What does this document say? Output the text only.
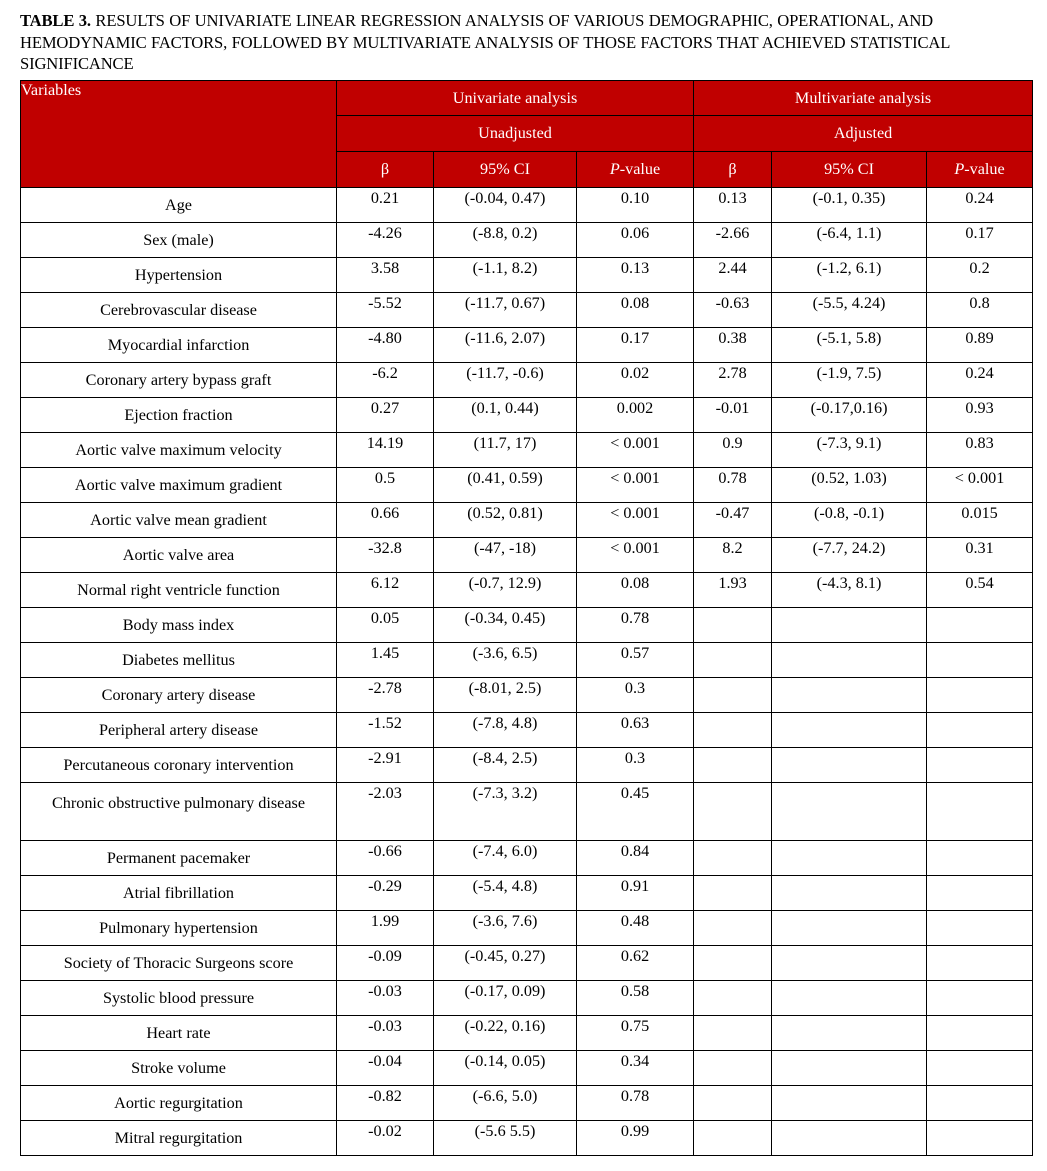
TABLE 3. RESULTS OF UNIVARIATE LINEAR REGRESSION ANALYSIS OF VARIOUS DEMOGRAPHIC, OPERATIONAL, AND HEMODYNAMIC FACTORS, FOLLOWED BY MULTIVARIATE ANALYSIS OF THOSE FACTORS THAT ACHIEVED STATISTICAL SIGNIFICANCE

Variables	Univariate analysis			Multivariate analysis		
	Unadjusted			Adjusted		
	β	95% CI	P-value	β	95% CI	P-value
Age	0.21	(-0.04, 0.47)	0.10	0.13	(-0.1, 0.35)	0.24
Sex (male)	-4.26	(-8.8, 0.2)	0.06	-2.66	(-6.4, 1.1)	0.17
Hypertension	3.58	(-1.1, 8.2)	0.13	2.44	(-1.2, 6.1)	0.2
Cerebrovascular disease	-5.52	(-11.7, 0.67)	0.08	-0.63	(-5.5, 4.24)	0.8
Myocardial infarction	-4.80	(-11.6, 2.07)	0.17	0.38	(-5.1, 5.8)	0.89
Coronary artery bypass graft	-6.2	(-11.7, -0.6)	0.02	2.78	(-1.9, 7.5)	0.24
Ejection fraction	0.27	(0.1, 0.44)	0.002	-0.01	(-0.17,0.16)	0.93
Aortic valve maximum velocity	14.19	(11.7, 17)	< 0.001	0.9	(-7.3, 9.1)	0.83
Aortic valve maximum gradient	0.5	(0.41, 0.59)	< 0.001	0.78	(0.52, 1.03)	< 0.001
Aortic valve mean gradient	0.66	(0.52, 0.81)	< 0.001	-0.47	(-0.8, -0.1)	0.015
Aortic valve area	-32.8	(-47, -18)	< 0.001	8.2	(-7.7, 24.2)	0.31
Normal right ventricle function	6.12	(-0.7, 12.9)	0.08	1.93	(-4.3, 8.1)	0.54
Body mass index	0.05	(-0.34, 0.45)	0.78			
Diabetes mellitus	1.45	(-3.6, 6.5)	0.57			
Coronary artery disease	-2.78	(-8.01, 2.5)	0.3			
Peripheral artery disease	-1.52	(-7.8, 4.8)	0.63			
Percutaneous coronary intervention	-2.91	(-8.4, 2.5)	0.3			
Chronic obstructive pulmonary disease	-2.03	(-7.3, 3.2)	0.45			
Permanent pacemaker	-0.66	(-7.4, 6.0)	0.84			
Atrial fibrillation	-0.29	(-5.4, 4.8)	0.91			
Pulmonary hypertension	1.99	(-3.6, 7.6)	0.48			
Society of Thoracic Surgeons score	-0.09	(-0.45, 0.27)	0.62			
Systolic blood pressure	-0.03	(-0.17, 0.09)	0.58			
Heart rate	-0.03	(-0.22, 0.16)	0.75			
Stroke volume	-0.04	(-0.14, 0.05)	0.34			
Aortic regurgitation	-0.82	(-6.6, 5.0)	0.78			
Mitral regurgitation	-0.02	(-5.6 5.5)	0.99			
